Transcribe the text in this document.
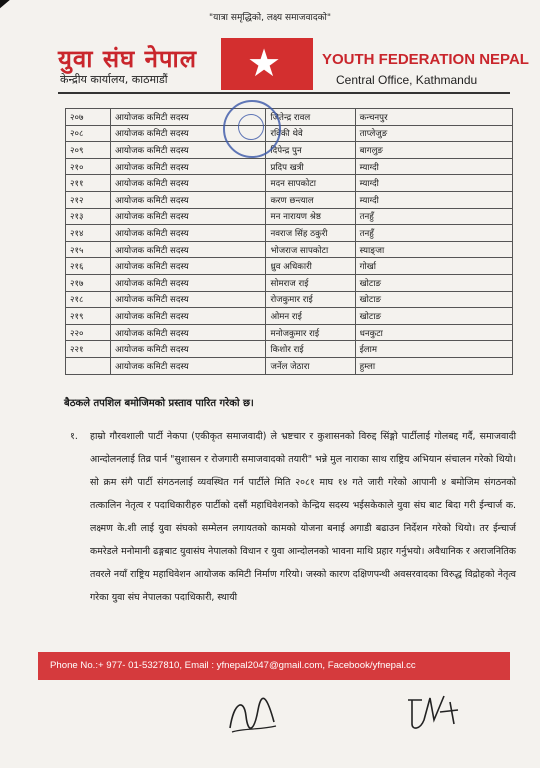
"यात्रा समृद्धिको, लक्ष्य समाजवादको"
युवा संघ नेपाल
केन्द्रीय कार्यालय, काठमाडौं ★	YOUTH FEDERATION NEPAL
Central Office, Kathmandu
२०७	आयोजक कमिटी सदस्य	जितेन्द्र रावल	कन्चनपुर
२०८	आयोजक कमिटी सदस्य	रविकी थेवे	ताप्लेजुङ
२०९	आयोजक कमिटी सदस्य	दिपेन्द्र पुन	बागलुङ
२१०	आयोजक कमिटी सदस्य	प्रदिप खत्री	म्याग्दी
२११	आयोजक कमिटी सदस्य	मदन सापकोटा	म्याग्दी
२१२	आयोजक कमिटी सदस्य	करण छन्त्याल	म्याग्दी
२१३	आयोजक कमिटी सदस्य	मन नारायण श्रेष्ठ	तनहुँ
२१४	आयोजक कमिटी सदस्य	नवराज सिंह ठकुरी	तनहुँ
२१५	आयोजक कमिटी सदस्य	भोजराज सापकोटा	स्याङ्जा
२१६	आयोजक कमिटी सदस्य	ध्रुव अधिकारी	गोर्खा
२१७	आयोजक कमिटी सदस्य	सोमराज राई	खोटाङ
२१८	आयोजक कमिटी सदस्य	रोजकुमार राई	खोटाङ
२१९	आयोजक कमिटी सदस्य	ओमन राई	खोटाङ
२२०	आयोजक कमिटी सदस्य	मनोजकुमार राई	धनकुटा
२२१	आयोजक कमिटी सदस्य	किशोर राई	ईलाम
	आयोजक कमिटी सदस्य	जर्नेल जेठारा	हुम्ला
बैठकले तपशिल बमोजिमको प्रस्ताव पारित गरेको छ।
१.	हाम्रो गौरवशाली पार्टी नेकपा (एकीकृत समाजवादी) ले भ्रष्टचार र कुशासनको विरुद्द सिंङ्गो पार्टीलाई गोलबद्द गर्दै, समाजवादी आन्दोलनलाई तिव्र पार्न "सुशासन र रोजगारी समाजवादको तयारी" भन्ने मुल नाराका साथ राष्ट्रिय अभियान संचालन गरेको थियो। सो क्रम संगै पार्टी संगठनलाई व्यवस्थित गर्न पार्टीले मिति २०८१ माघ १४ गते जारी गरेको आपानी ४ बमोजिम संगठनको तत्कालिन नेतृत्व र पदाधिकारीहरु पार्टीको दसौं महाधिवेशनको केन्द्रिय सदस्य भईसकेकाले युवा संघ बाट बिदा गरी ईन्चार्ज क. लक्ष्मण के.शी लाई युवा संघको सम्मेलन लगायतको कामको योजना बनाई अगाडी बढाउन निर्देशन गरेको थियो। तर ईन्चार्ज कमरेडले मनोमानी ढङ्गबाट युवासंघ नेपालको विधान र युवा आन्दोलनको भावना माथि प्रहार गर्नुभयो। अवैधानिक र अराजनितिक तवरले नयाँ राष्ट्रिय महाधिवेशन आयोजक कमिटी निर्माण गरियो। जस्को कारण दक्षिणपन्थी अवसरवादका विरुद्ध विद्रोहको नेतृत्व गरेका युवा संघ नेपालका पदाधिकारी, स्थायी

Phone No.:+ 977- 01-5327810, Email : yfnepal2047@gmail.com, Facebook/yfnepal.cc
